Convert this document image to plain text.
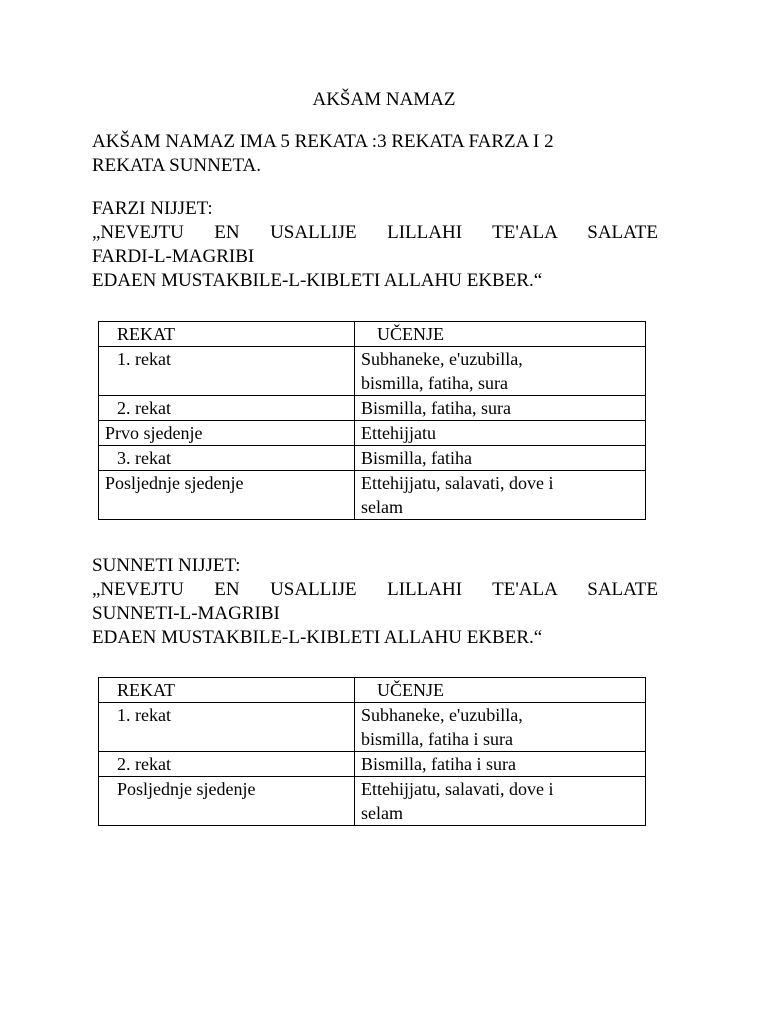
AKŠAM NAMAZ
AKŠAM NAMAZ IMA 5 REKATA :3 REKATA FARZA I 2
REKATA SUNNETA.
FARZI NIJJET:
„NEVEJTU EN USALLIJE LILLAHI TE'ALA SALATE
FARDI-L-MAGRIBI
EDAEN MUSTAKBILE-L-KIBLETI ALLAHU EKBER.“
REKAT	UČENJE
1. rekat	Subhaneke, e'uzubilla,
bismilla, fatiha, sura

2. rekat	Bismilla, fatiha, sura
Prvo sjedenje	Ettehijjatu
3. rekat	Bismilla, fatiha
Posljednje sjedenje	Ettehijjatu, salavati, dove i
selam
SUNNETI NIJJET:
„NEVEJTU EN USALLIJE LILLAHI TE'ALA SALATE
SUNNETI-L-MAGRIBI
EDAEN MUSTAKBILE-L-KIBLETI ALLAHU EKBER.“
REKAT	UČENJE
1. rekat	Subhaneke, e'uzubilla,
bismilla, fatiha i sura

2. rekat	Bismilla, fatiha i sura
Posljednje sjedenje	Ettehijjatu, salavati, dove i
selam
